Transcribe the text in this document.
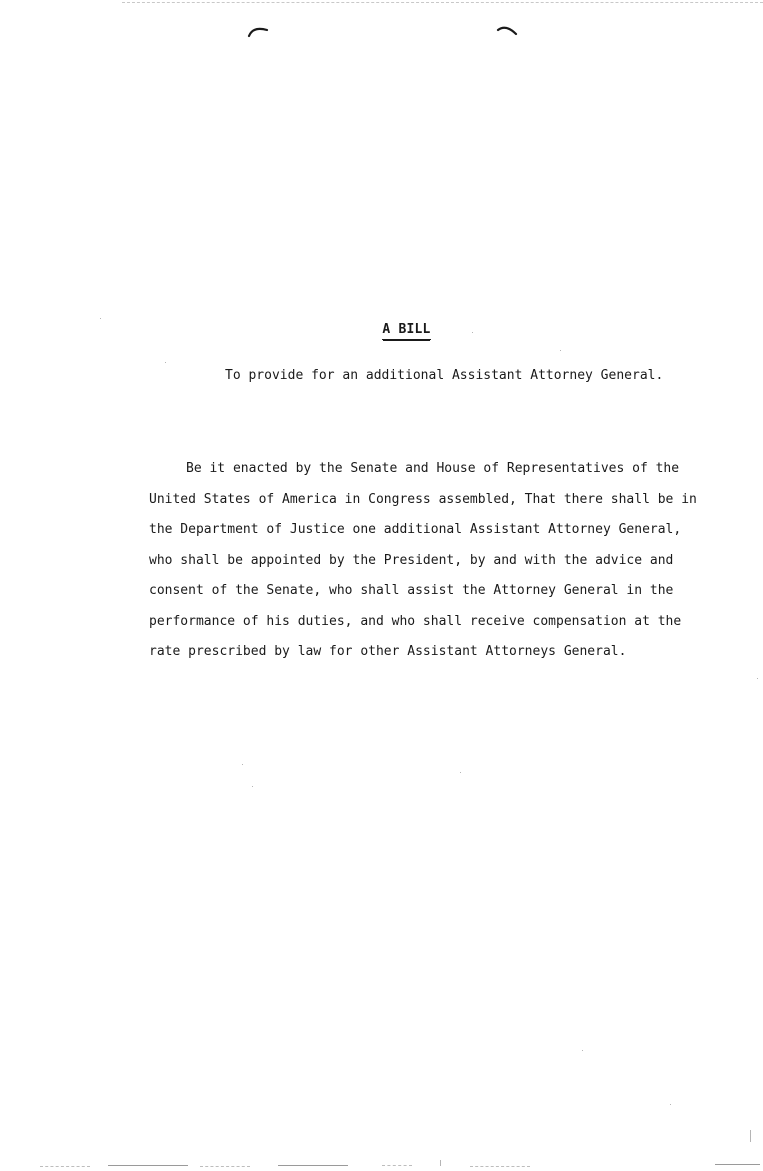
A BILL
To provide for an additional Assistant Attorney General.
Be it enacted by the Senate and House of Representatives of the
United States of America in Congress assembled, That there shall be in
the Department of Justice one additional Assistant Attorney General,
who shall be appointed by the President, by and with the advice and
consent of the Senate, who shall assist the Attorney General in the
performance of his duties, and who shall receive compensation at the
rate prescribed by law for other Assistant Attorneys General.
